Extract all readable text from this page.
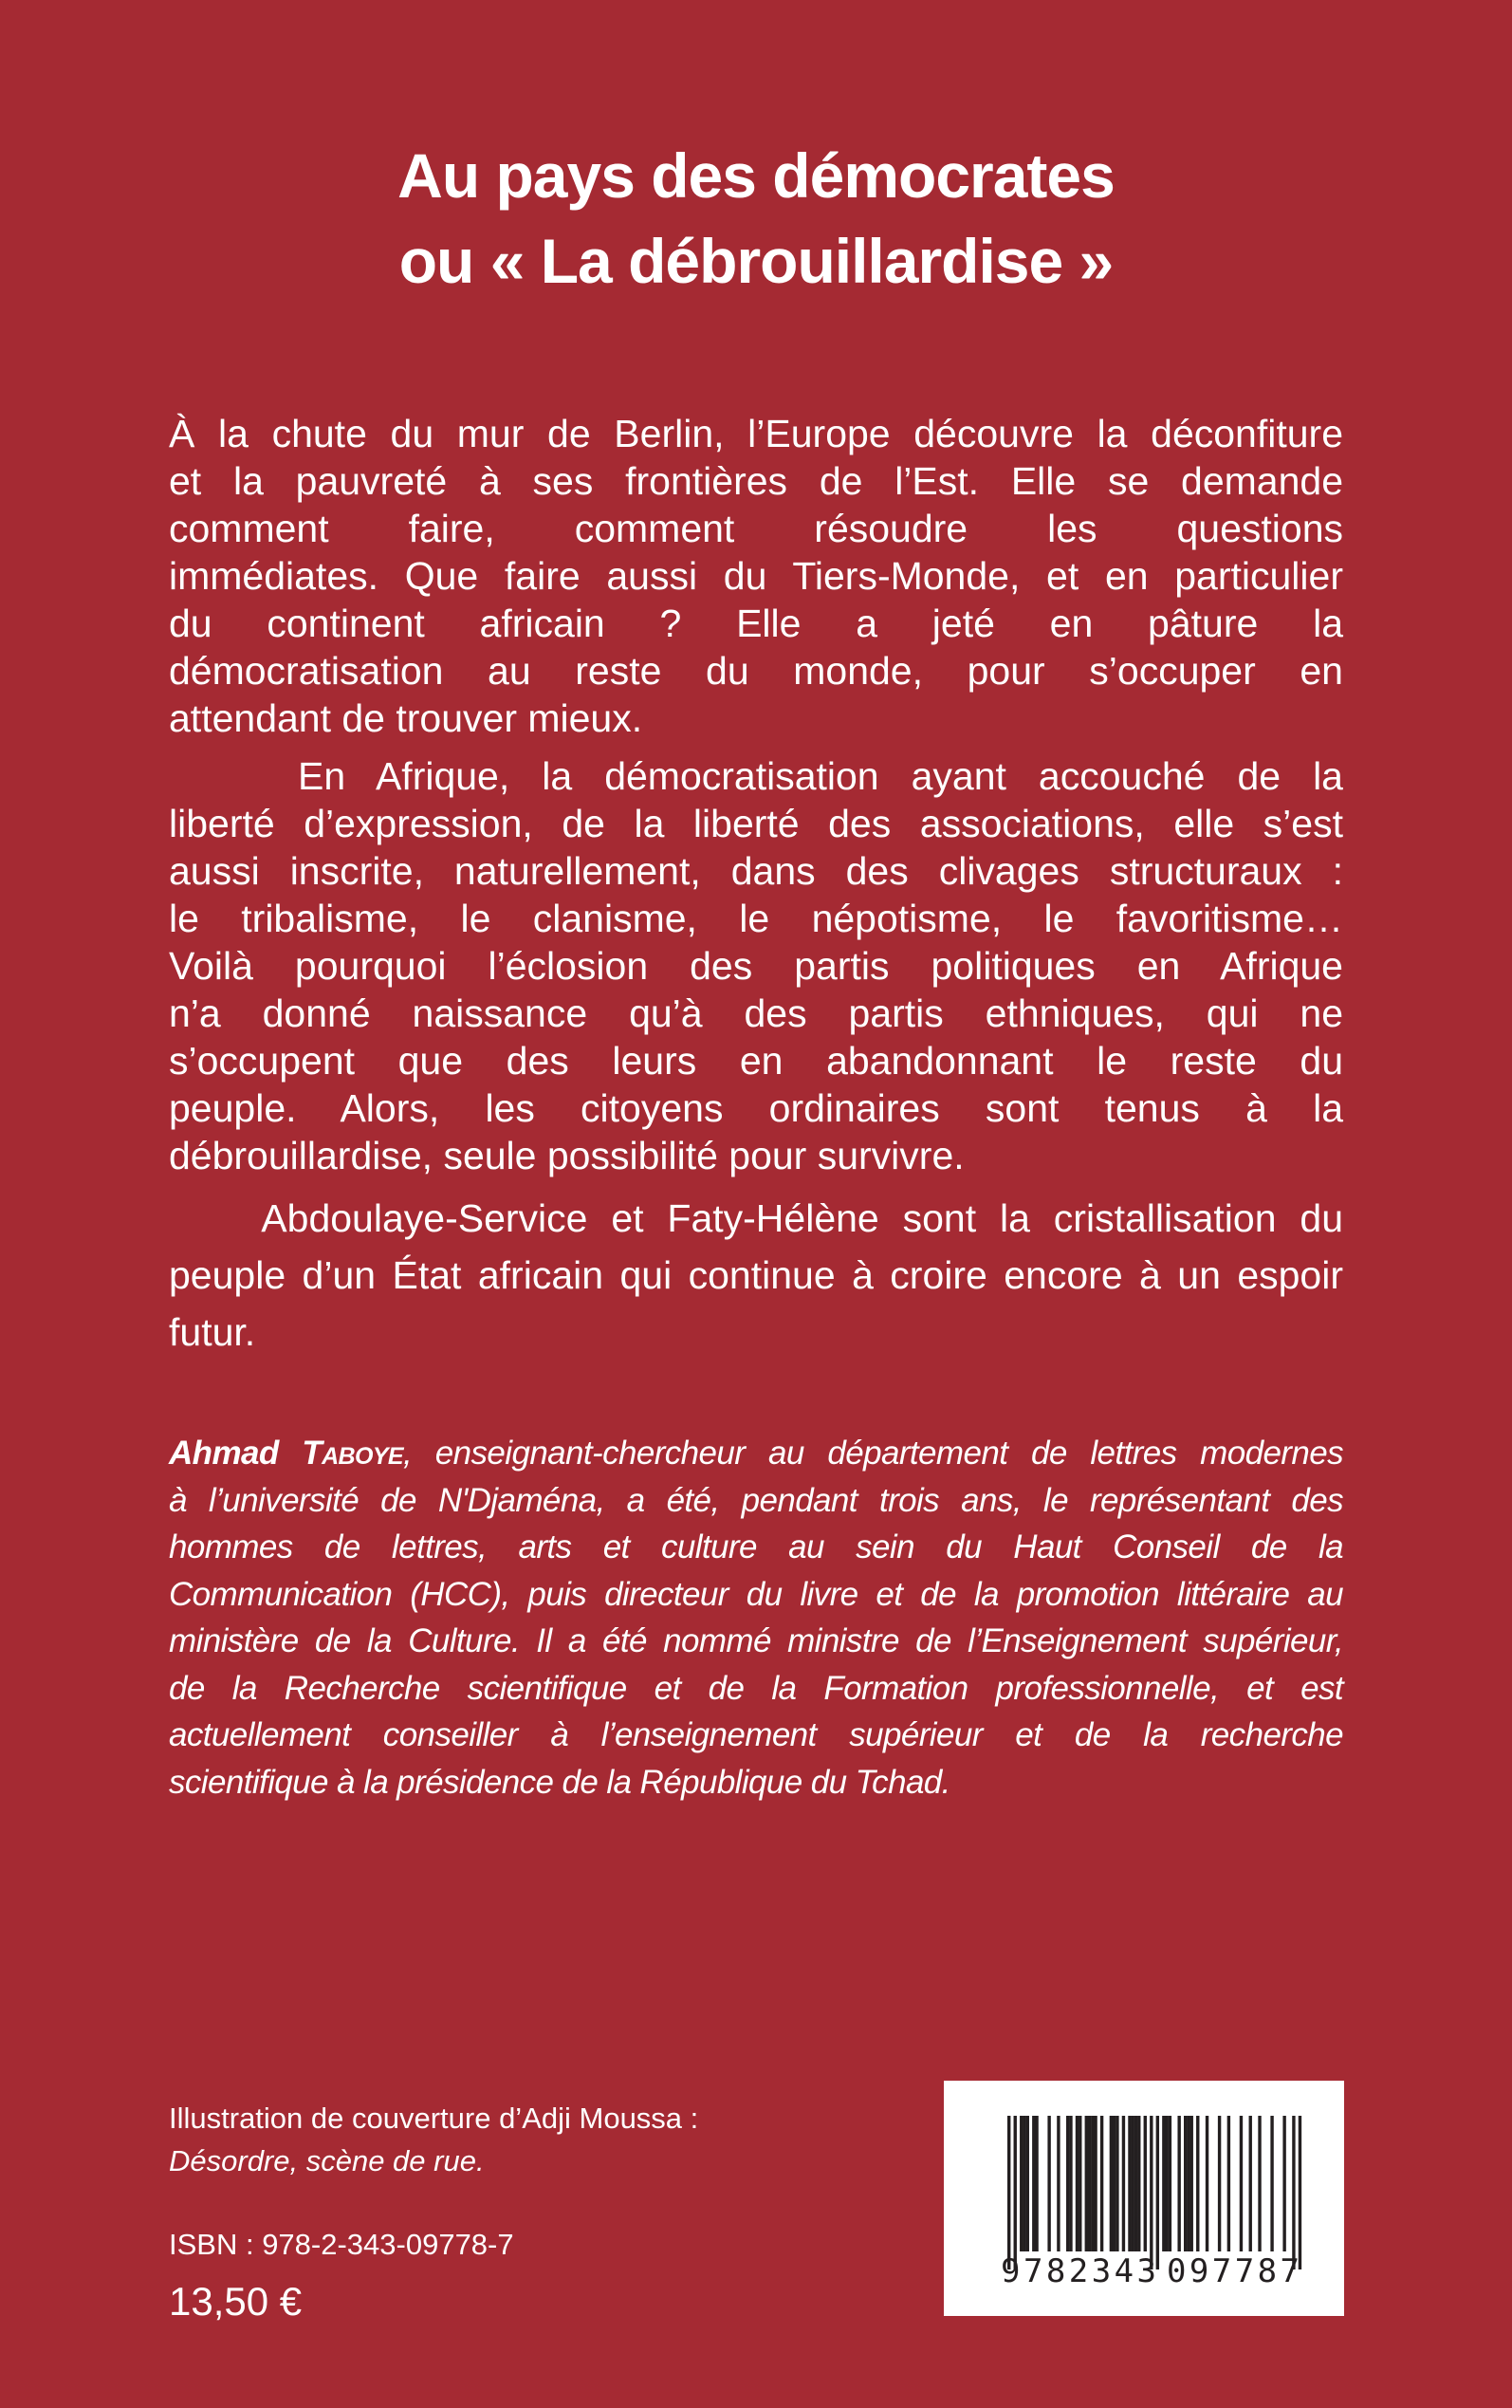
Au pays des démocrates
ou « La débrouillardise »
À la chute du mur de Berlin, l’Europe découvre la déconfiture
et la pauvreté à ses frontières de l’Est. Elle se demande
comment faire, comment résoudre les questions
immédiates. Que faire aussi du Tiers-Monde, et en particulier
du continent africain ? Elle a jeté en pâture la
démocratisation au reste du monde, pour s’occuper en
attendant de trouver mieux.
En Afrique, la démocratisation ayant accouché de la
liberté d’expression, de la liberté des associations, elle s’est
aussi inscrite, naturellement, dans des clivages structuraux :
le tribalisme, le clanisme, le népotisme, le favoritisme…
Voilà pourquoi l’éclosion des partis politiques en Afrique
n’a donné naissance qu’à des partis ethniques, qui ne
s’occupent que des leurs en abandonnant le reste du
peuple. Alors, les citoyens ordinaires sont tenus à la
débrouillardise, seule possibilité pour survivre.
Abdoulaye-Service et Faty-Hélène sont la cristallisation du
peuple d’un État africain qui continue à croire encore à un espoir
futur.
Ahmad Taboye, enseignant-chercheur au département de lettres modernes
à l’université de N'Djaména, a été, pendant trois ans, le représentant des
hommes de lettres, arts et culture au sein du Haut Conseil de la
Communication (HCC), puis directeur du livre et de la promotion littéraire au
ministère de la Culture. Il a été nommé ministre de l’Enseignement supérieur,
de la Recherche scientifique et de la Formation professionnelle, et est
actuellement conseiller à l’enseignement supérieur et de la recherche
scientifique à la présidence de la République du Tchad.
Illustration de couverture d’Adji Moussa :
Désordre, scène de rue.
ISBN : 978-2-343-09778-7
13,50 €
9 782343 097787
